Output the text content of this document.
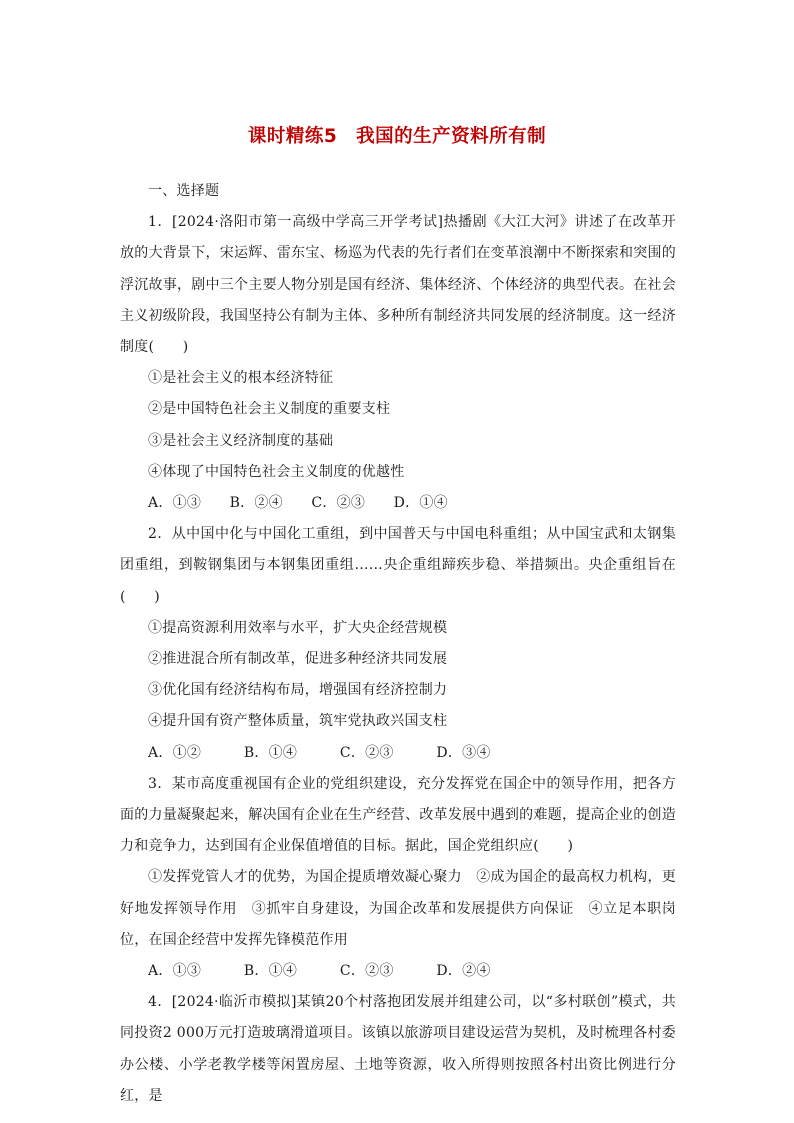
课时精练5　我国的生产资料所有制

一、选择题

1．[2024·洛阳市第一高级中学高三开学考试]热播剧《大江大河》讲述了在改革开放的大背景下，宋运辉、雷东宝、杨巡为代表的先行者们在变革浪潮中不断探索和突围的浮沉故事，剧中三个主要人物分别是国有经济、集体经济、个体经济的典型代表。在社会主义初级阶段，我国坚持公有制为主体、多种所有制经济共同发展的经济制度。这一经济制度(　　)

①是社会主义的根本经济特征

②是中国特色社会主义制度的重要支柱

③是社会主义经济制度的基础

④体现了中国特色社会主义制度的优越性

A．①③　　B．②④　　C．②③　　D．①④

2．从中国中化与中国化工重组，到中国普天与中国电科重组；从中国宝武和太钢集团重组，到鞍钢集团与本钢集团重组……央企重组蹄疾步稳、举措频出。央企重组旨在(　　)

①提高资源利用效率与水平，扩大央企经营规模

②推进混合所有制改革，促进多种经济共同发展

③优化国有经济结构布局，增强国有经济控制力

④提升国有资产整体质量，筑牢党执政兴国支柱

A．①②　　　B．①④　　　C．②③　　　D．③④

3．某市高度重视国有企业的党组织建设，充分发挥党在国企中的领导作用，把各方面的力量凝聚起来，解决国有企业在生产经营、改革发展中遇到的难题，提高企业的创造力和竞争力，达到国有企业保值增值的目标。据此，国企党组织应(　　)

①发挥党管人才的优势，为国企提质增效凝心聚力　②成为国企的最高权力机构，更好地发挥领导作用　③抓牢自身建设，为国企改革和发展提供方向保证　④立足本职岗位，在国企经营中发挥先锋模范作用

A．①③　　　B．①④　　　C．②③　　　D．②④

4．[2024·临沂市模拟]某镇20个村落抱团发展并组建公司，以“多村联创”模式，共同投资2 000万元打造玻璃滑道项目。该镇以旅游项目建设运营为契机，及时梳理各村委办公楼、小学老教学楼等闲置房屋、土地等资源，收入所得则按照各村出资比例进行分红，是
